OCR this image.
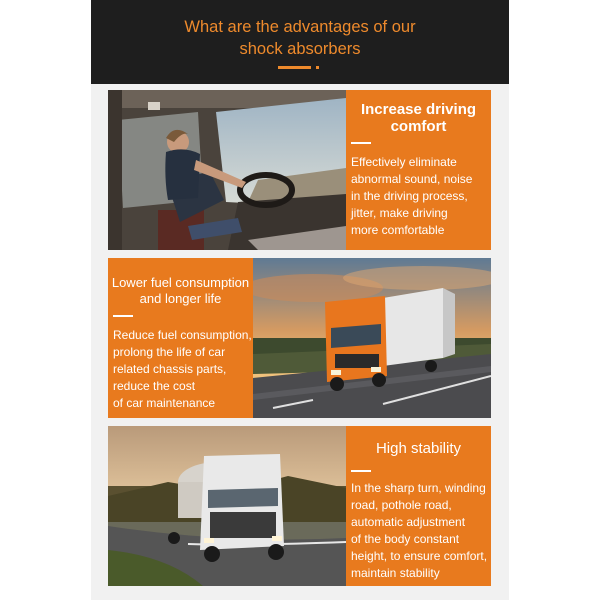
What are the advantages of our
shock absorbers
Increase driving
comfort
Effectively eliminate
abnormal sound, noise
in the driving process,
jitter, make driving
more comfortable
Lower fuel consumption
and longer life
Reduce fuel consumption,
prolong the life of car
related chassis parts,
reduce the cost
of car maintenance
High stability
In the sharp turn, winding
road, pothole road,
automatic adjustment
of the body constant
height, to ensure comfort,
maintain stability
